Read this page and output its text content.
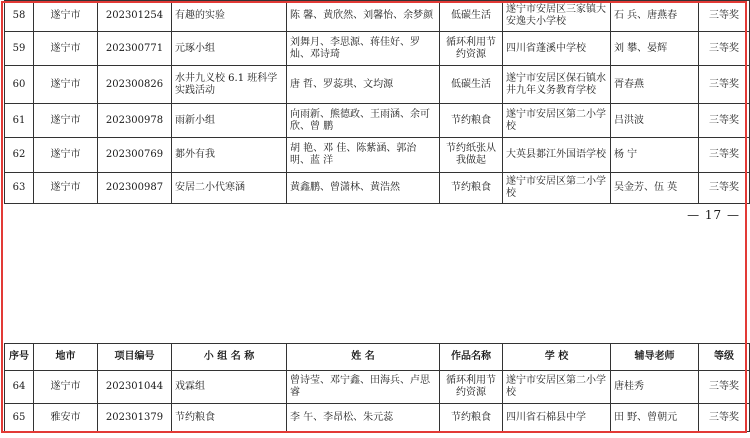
58	遂宁市	202301254	有趣的实验	陈 馨、黄欣然、刘馨怡、余梦颜	低碳生活	遂宁市安居区三家镇大安逸夫小学校	石 兵、唐燕春	三等奖
59	遂宁市	202300771	元琢小组	刘舞月、李思源、蒋佳好、罗 灿、邓诗琦	循环利用节约资源	四川省蓬溪中学校	刘 攀、晏辉	三等奖
60	遂宁市	202300826	水井九义校 6.1 班科学实践活动	唐 哲、罗蕊琪、文均源	低碳生活	遂宁市安居区保石镇水井九年义务教育学校	胥春燕	三等奖
61	遂宁市	202300978	雨新小组	向雨新、熊德政、王雨涵、余可欣、曾 鹏	节约粮食	遂宁市安居区第二小学校	吕洪波	三等奖
62	遂宁市	202300769	郪外有我	胡 艳、邓 佳、陈紫涵、郭治明、蓝 洋	节约纸张从我做起	大英县郪江外国语学校	杨 宁	三等奖
63	遂宁市	202300987	安居二小代寒涵	黄鑫鹏、曾潇林、黄浩然	节约粮食	遂宁市安居区第二小学校	吴金芳、伍 英	三等奖
— 17 —
序号	地市	项目编号	小 组 名 称	姓 名	作品名称	学 校	辅导老师	等级
64	遂宁市	202301044	戏霖组	曾诗莹、邓宁鑫、田海兵、卢思睿	循环利用节约资源	遂宁市安居区第二小学校	唐桂秀	三等奖
65	雅安市	202301379	节约粮食	李 午、李昂松、朱元蕊	节约粮食	四川省石棉县中学	田 野、曾朝元	三等奖
